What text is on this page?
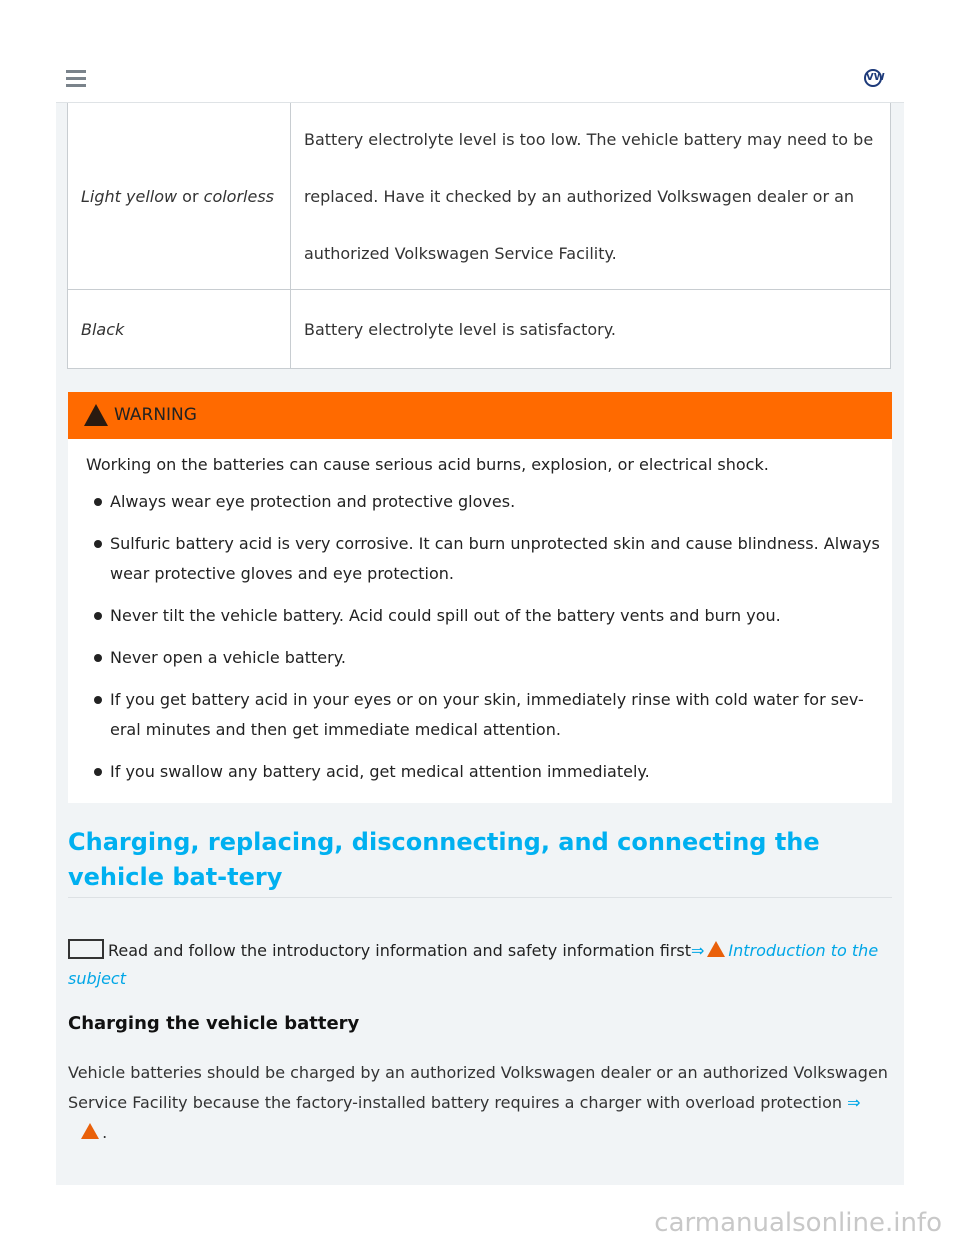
VW
Light yellow or colorless	Battery electrolyte level is too low. The vehicle battery may need to be replaced. Have it checked by an authorized Volkswagen dealer or an authorized Volkswagen Service Facility.
Black	Battery electrolyte level is satisfactory.
!
WARNING
Working on the batteries can cause serious acid burns, explosion, or electrical shock.
Always wear eye protection and protective gloves.
Sulfuric battery acid is very corrosive. It can burn unprotected skin and cause blindness. Always wear protective gloves and eye protection.
Never tilt the vehicle battery. Acid could spill out of the battery vents and burn you.
Never open a vehicle battery.
If you get battery acid in your eyes or on your skin, immediately rinse with cold water for sev-eral minutes and then get immediate medical attention.
If you swallow any battery acid, get medical attention immediately.
Charging, replacing, disconnecting, and connecting the vehicle bat-tery
Read and follow the introductory information and safety information first⇒ Introduction to the subject
Charging the vehicle battery
Vehicle batteries should be charged by an authorized Volkswagen dealer or an authorized Volkswagen Service Facility because the factory-installed battery requires a charger with overload protection ⇒
.
carmanualsonline.info
